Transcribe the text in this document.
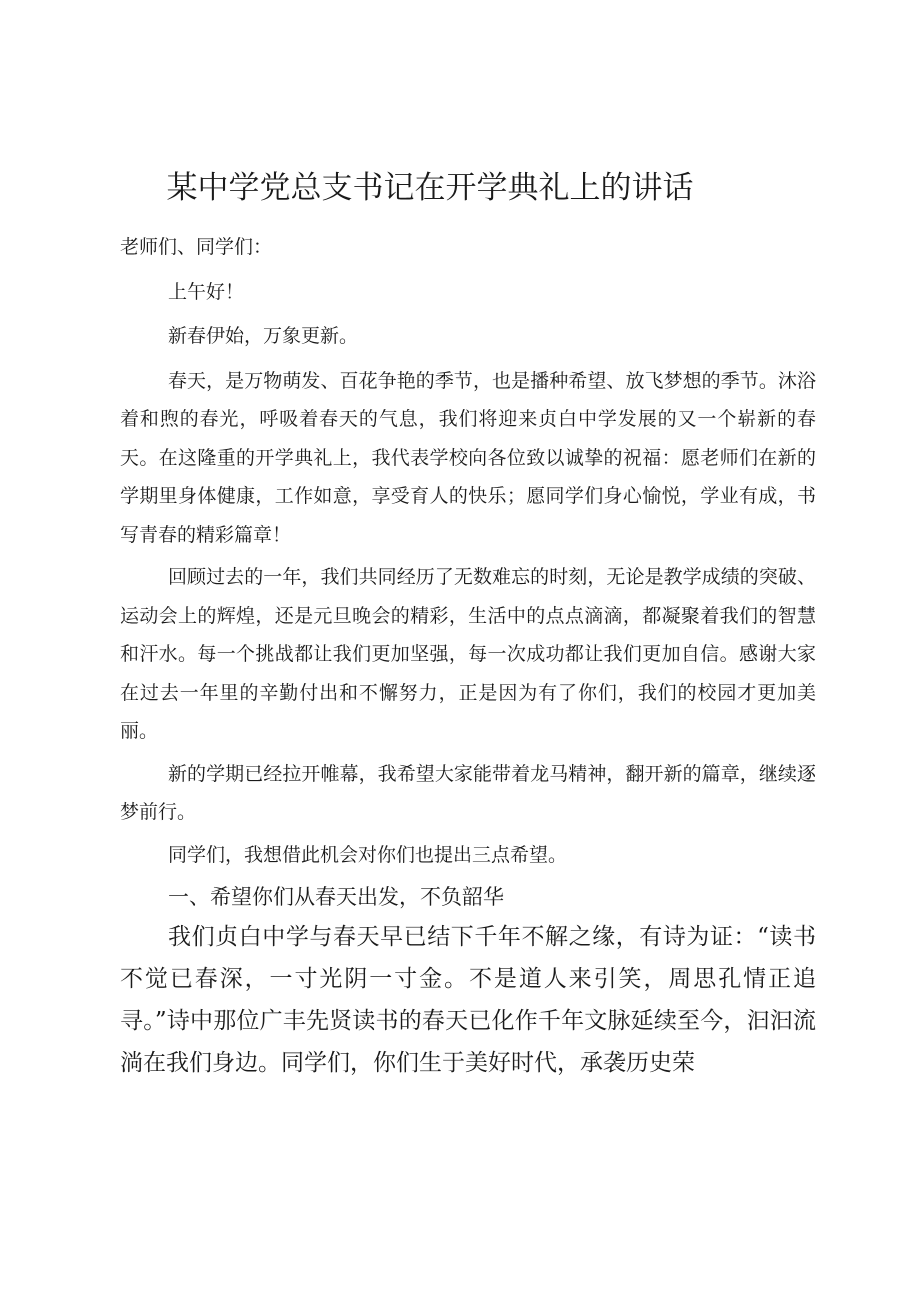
某中学党总支书记在开学典礼上的讲话

老师们、同学们：

上午好！

新春伊始，万象更新。

春天，是万物萌发、百花争艳的季节，也是播种希望、放飞梦想的季节。沐浴着和煦的春光，呼吸着春天的气息，我们将迎来贞白中学发展的又一个崭新的春天。在这隆重的开学典礼上，我代表学校向各位致以诚挚的祝福：愿老师们在新的学期里身体健康，工作如意，享受育人的快乐；愿同学们身心愉悦，学业有成，书写青春的精彩篇章！

回顾过去的一年，我们共同经历了无数难忘的时刻，无论是教学成绩的突破、运动会上的辉煌，还是元旦晚会的精彩，生活中的点点滴滴，都凝聚着我们的智慧和汗水。每一个挑战都让我们更加坚强，每一次成功都让我们更加自信。感谢大家在过去一年里的辛勤付出和不懈努力，正是因为有了你们，我们的校园才更加美丽。

新的学期已经拉开帷幕，我希望大家能带着龙马精神，翻开新的篇章，继续逐梦前行。

同学们，我想借此机会对你们也提出三点希望。

一、希望你们从春天出发，不负韶华

我们贞白中学与春天早已结下千年不解之缘，有诗为证：“读书不觉已春深，一寸光阴一寸金。不是道人来引笑，周思孔情正追寻。”诗中那位广丰先贤读书的春天已化作千年文脉延续至今，汩汩流淌在我们身边。同学们，你们生于美好时代，承袭历史荣
